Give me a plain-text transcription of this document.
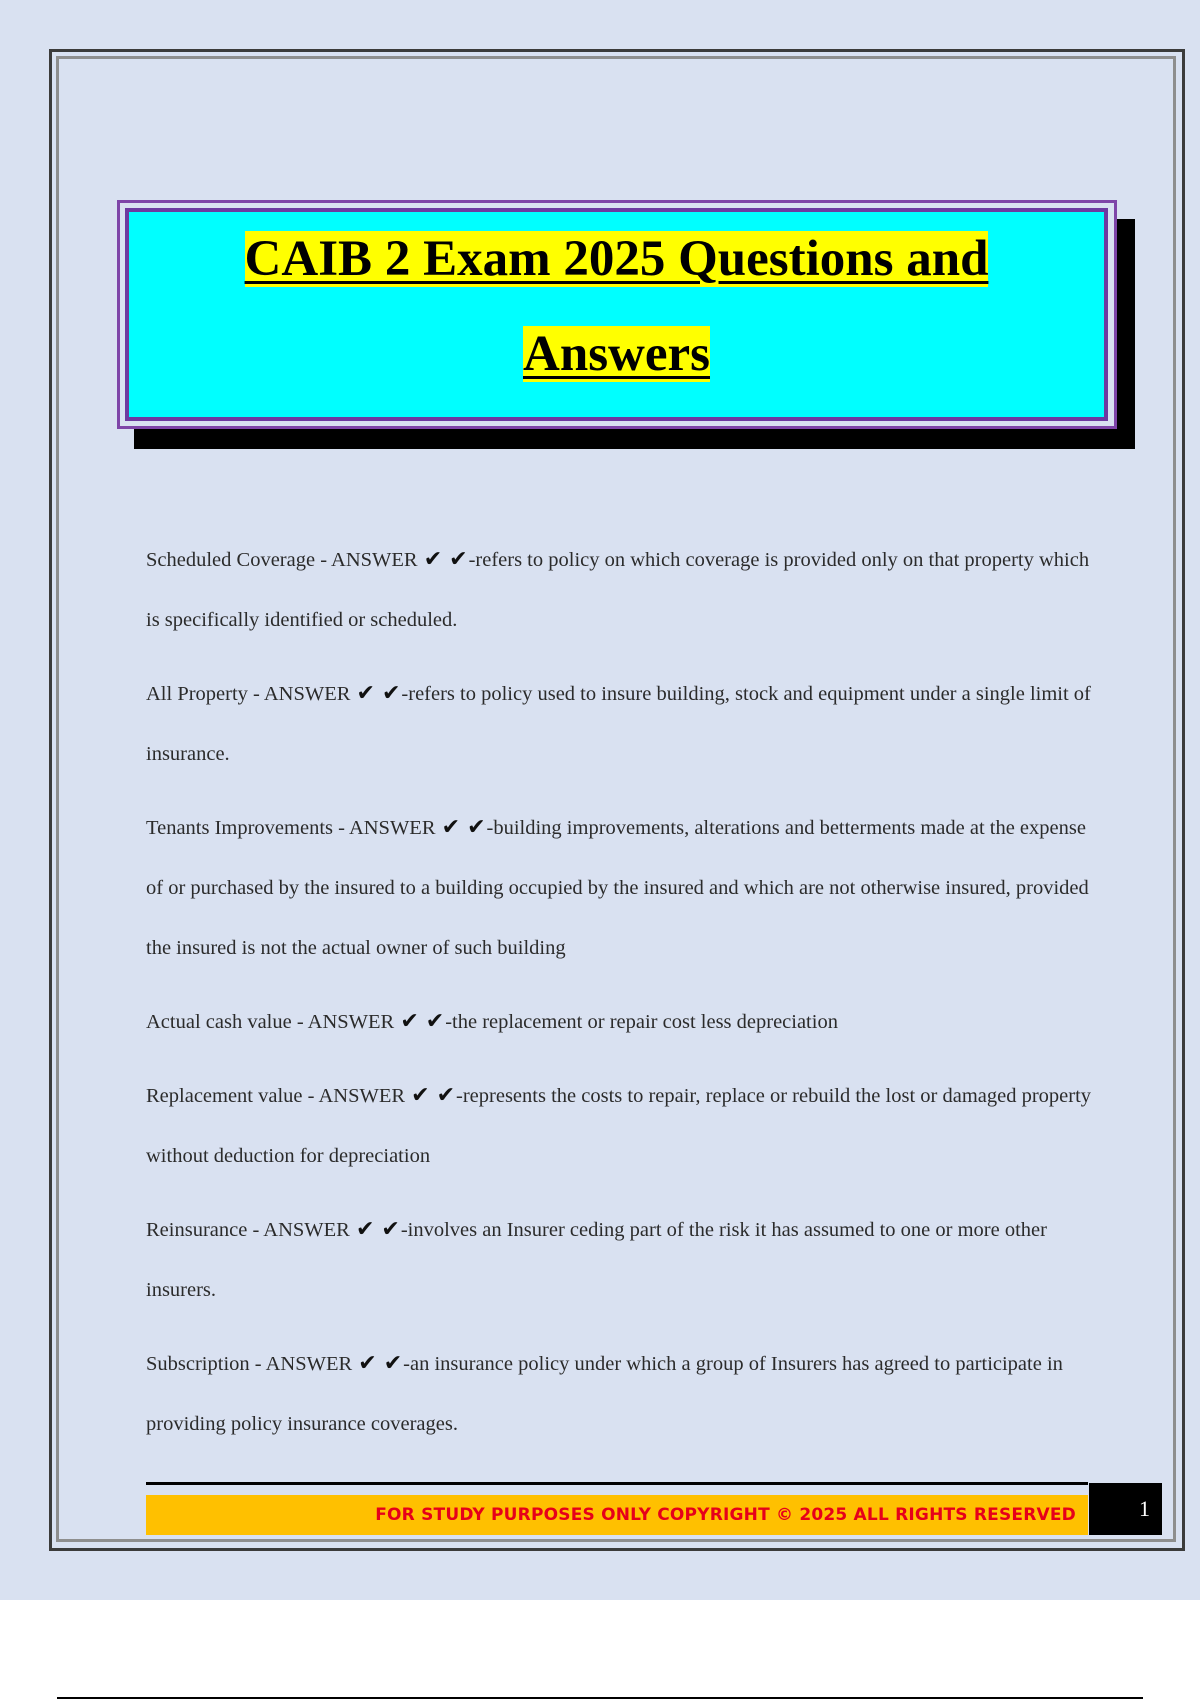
CAIB 2 Exam 2025 Questions and
Answers
Scheduled Coverage - ANSWER ✔ ✔-refers to policy on which coverage is provided only on that property which is specifically identified or scheduled.
All Property - ANSWER ✔ ✔-refers to policy used to insure building, stock and equipment under a single limit of insurance.
Tenants Improvements - ANSWER ✔ ✔-building improvements, alterations and betterments made at the expense of or purchased by the insured to a building occupied by the insured and which are not otherwise insured, provided the insured is not the actual owner of such building
Actual cash value - ANSWER ✔ ✔-the replacement or repair cost less depreciation
Replacement value - ANSWER ✔ ✔-represents the costs to repair, replace or rebuild the lost or damaged property without deduction for depreciation
Reinsurance - ANSWER ✔ ✔-involves an Insurer ceding part of the risk it has assumed to one or more other insurers.
Subscription - ANSWER ✔ ✔-an insurance policy under which a group of Insurers has agreed to participate in providing policy insurance coverages.
FOR STUDY PURPOSES ONLY COPYRIGHT © 2025 ALL RIGHTS RESERVED	1
